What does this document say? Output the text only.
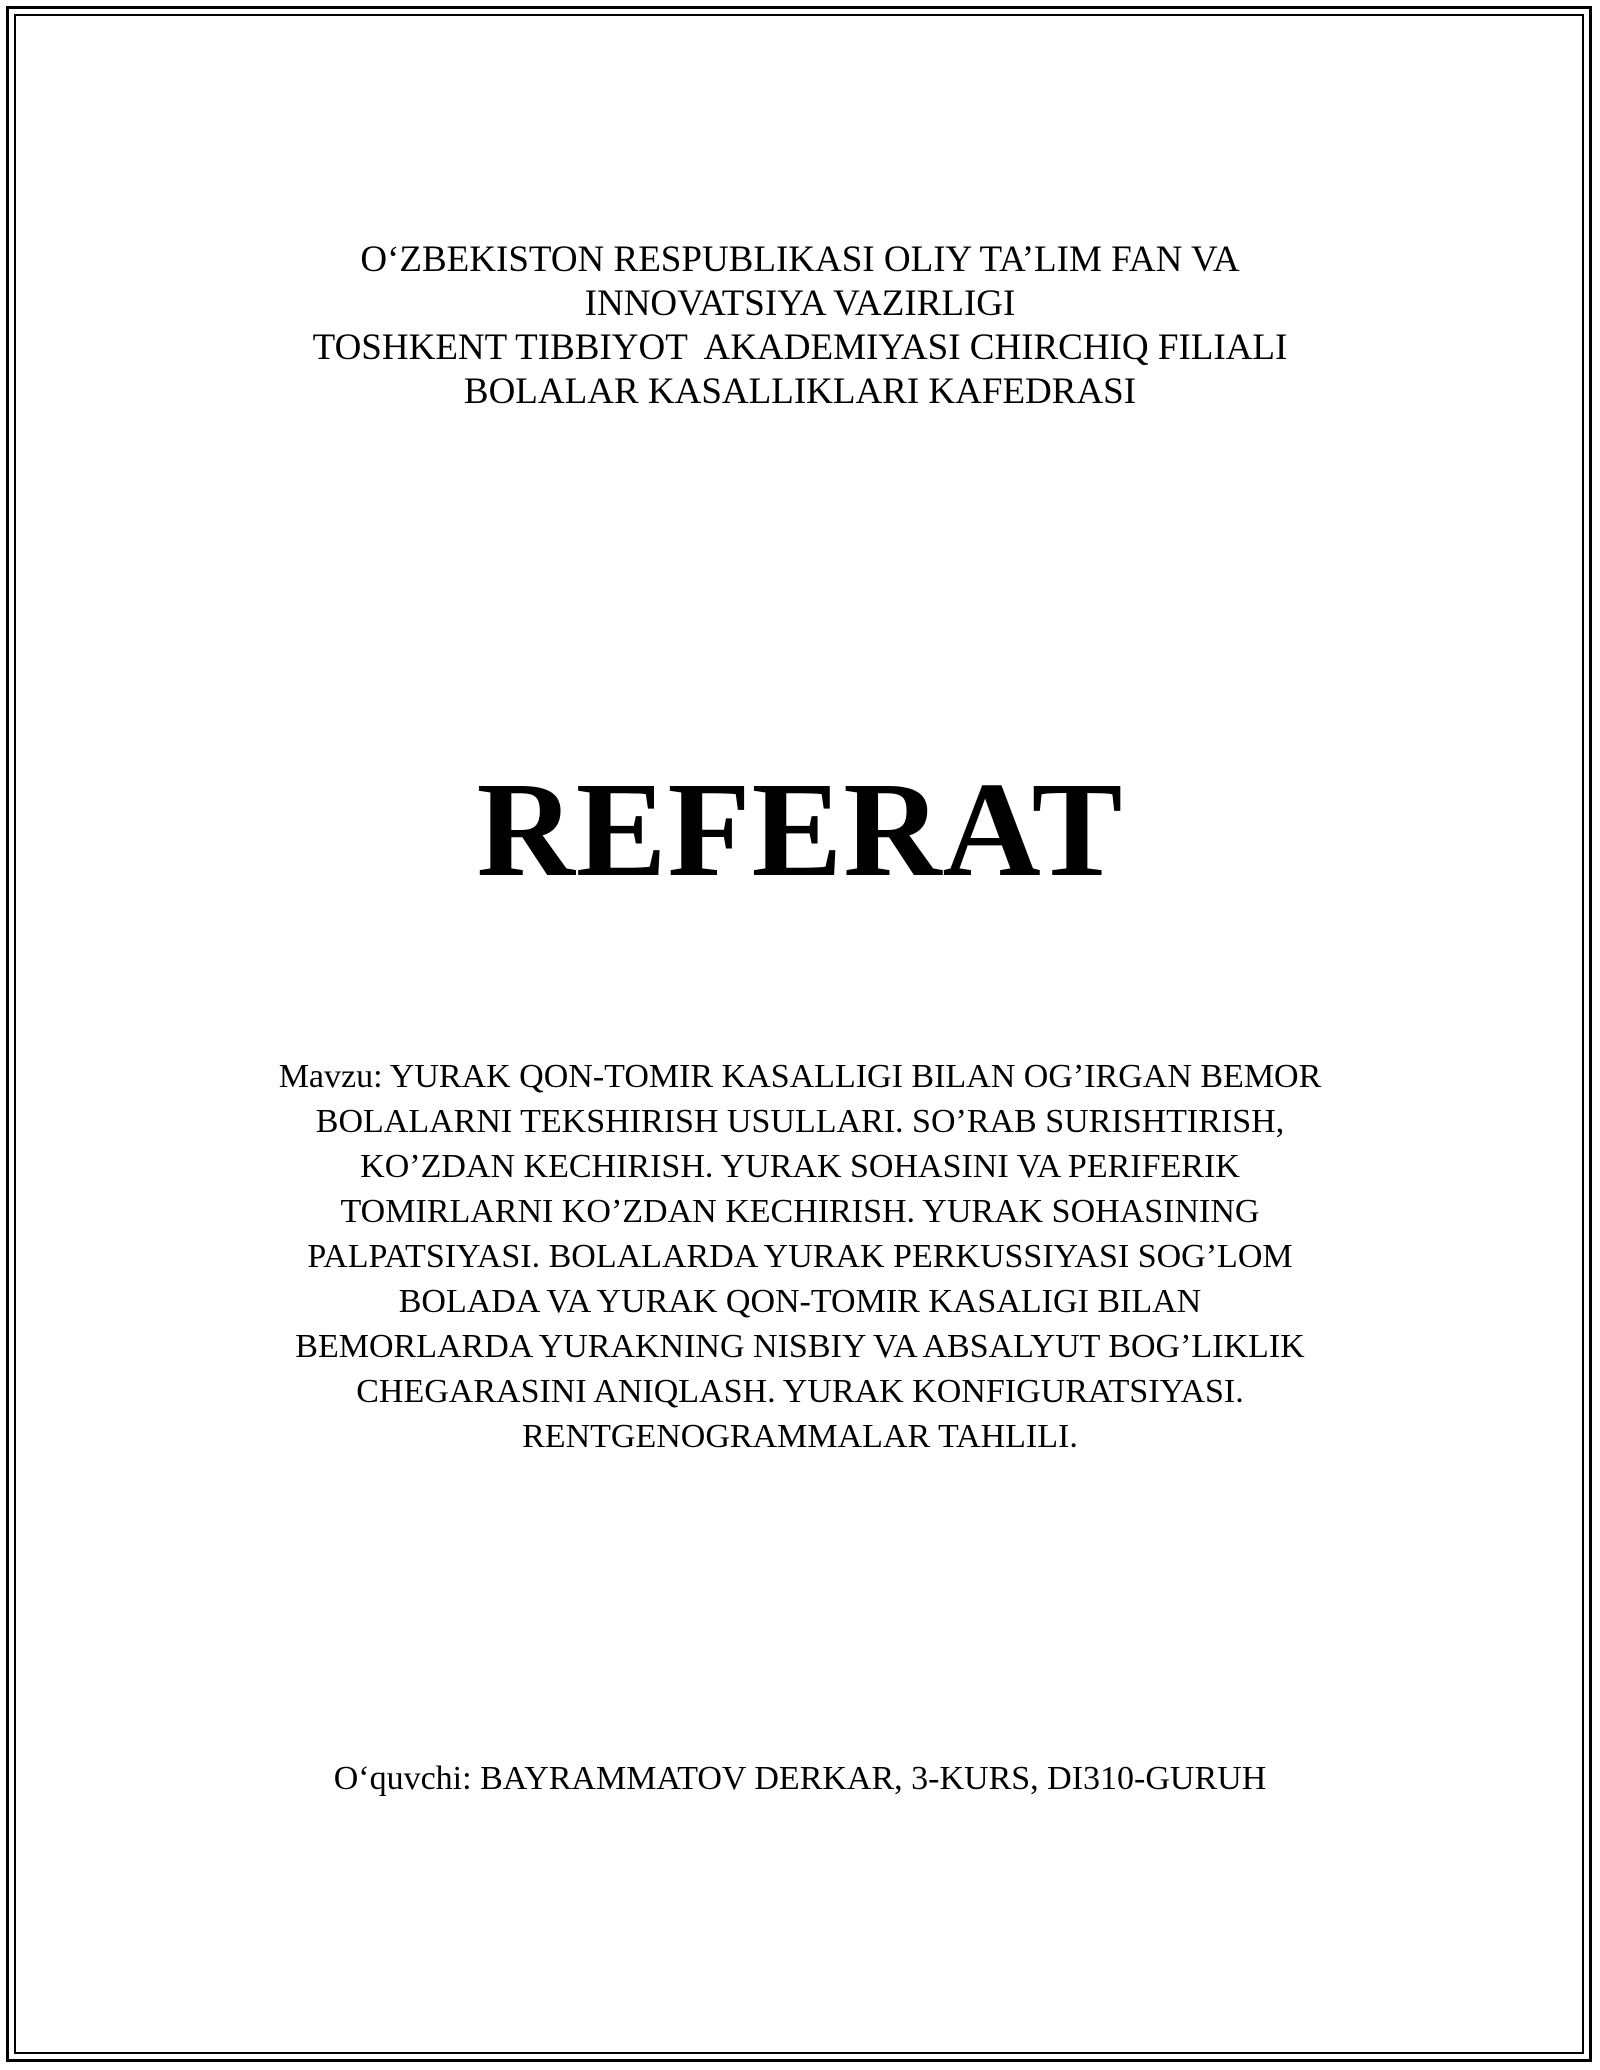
O‘ZBEKISTON RESPUBLIKASI OLIY TA’LIM FAN VA
INNOVATSIYA VAZIRLIGI
TOSHKENT TIBBIYOT  AKADEMIYASI CHIRCHIQ FILIALI
BOLALAR KASALLIKLARI KAFEDRASI
REFERAT
Mavzu: YURAK QON-TOMIR KASALLIGI BILAN OG’IRGAN BEMOR
BOLALARNI TEKSHIRISH USULLARI. SO’RAB SURISHTIRISH,
KO’ZDAN KECHIRISH. YURAK SOHASINI VA PERIFERIK
TOMIRLARNI KO’ZDAN KECHIRISH. YURAK SOHASINING
PALPATSIYASI. BOLALARDA YURAK PERKUSSIYASI SOG’LOM
BOLADA VA YURAK QON-TOMIR KASALIGI BILAN
BEMORLARDA YURAKNING NISBIY VA ABSALYUT BOG’LIKLIK
CHEGARASINI ANIQLASH. YURAK KONFIGURATSIYASI.
RENTGENOGRAMMALAR TAHLILI.
O‘quvchi: BAYRAMMATOV DERKAR, 3-KURS, DI310-GURUH
